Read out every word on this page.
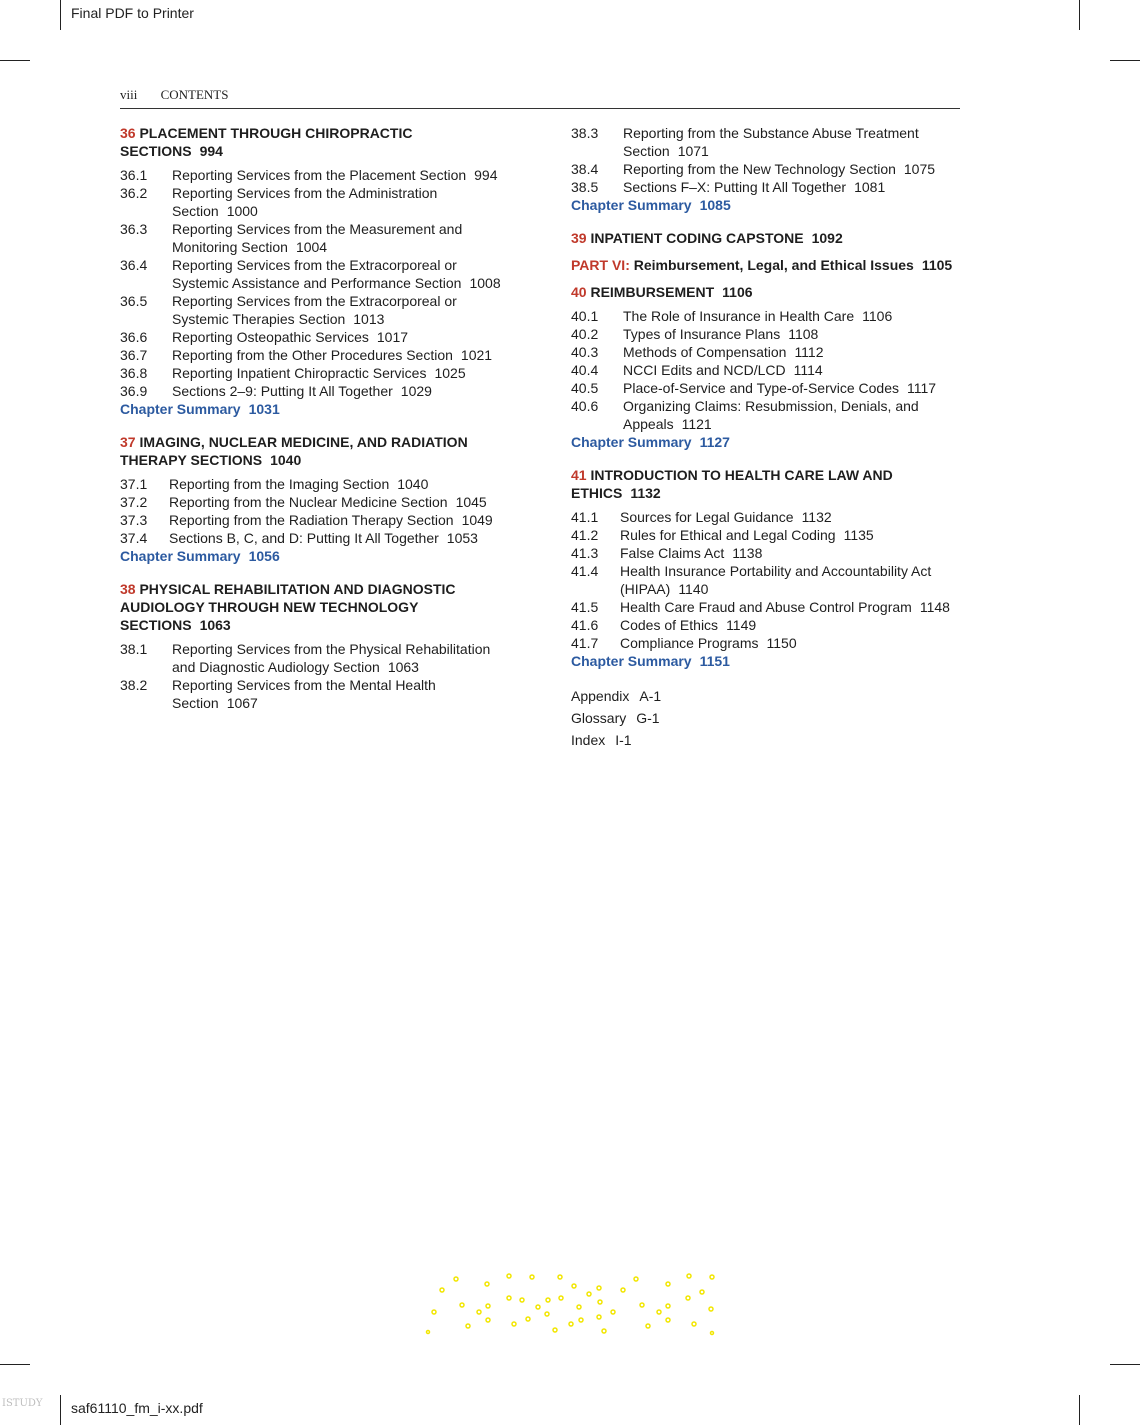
Final PDF to Printer
saf61110_fm_i-xx.pdf
ISTUDY
viii CONTENTS

36 PLACEMENT THROUGH CHIROPRACTIC SECTIONS 994

36.1	Reporting Services from the Placement Section 994
36.2	Reporting Services from the Administration Section 1000
36.3	Reporting Services from the Measurement and Monitoring Section 1004
36.4	Reporting Services from the Extracorporeal or Systemic Assistance and Performance Section 1008
36.5	Reporting Services from the Extracorporeal or Systemic Therapies Section 1013
36.6	Reporting Osteopathic Services 1017
36.7	Reporting from the Other Procedures Section 1021
36.8	Reporting Inpatient Chiropractic Services 1025
36.9	Sections 2–9: Putting It All Together 1029
Chapter Summary 1031

37 IMAGING, NUCLEAR MEDICINE, AND RADIATION THERAPY SECTIONS 1040

37.1	Reporting from the Imaging Section 1040
37.2	Reporting from the Nuclear Medicine Section 1045
37.3	Reporting from the Radiation Therapy Section 1049
37.4	Sections B, C, and D: Putting It All Together 1053
Chapter Summary 1056

38 PHYSICAL REHABILITATION AND DIAGNOSTIC AUDIOLOGY THROUGH NEW TECHNOLOGY SECTIONS 1063

38.1	Reporting Services from the Physical Rehabilitation and Diagnostic Audiology Section 1063
38.2	Reporting Services from the Mental Health Section 1067
38.3	Reporting from the Substance Abuse Treatment Section 1071
38.4	Reporting from the New Technology Section 1075
38.5	Sections F–X: Putting It All Together 1081
Chapter Summary 1085

39 INPATIENT CODING CAPSTONE 1092

PART VI: Reimbursement, Legal, and Ethical Issues 1105

40 REIMBURSEMENT 1106

40.1	The Role of Insurance in Health Care 1106
40.2	Types of Insurance Plans 1108
40.3	Methods of Compensation 1112
40.4	NCCI Edits and NCD/LCD 1114
40.5	Place-of-Service and Type-of-Service Codes 1117
40.6	Organizing Claims: Resubmission, Denials, and Appeals 1121
Chapter Summary 1127

41 INTRODUCTION TO HEALTH CARE LAW AND ETHICS 1132

41.1	Sources for Legal Guidance 1132
41.2	Rules for Ethical and Legal Coding 1135
41.3	False Claims Act 1138
41.4	Health Insurance Portability and Accountability Act (HIPAA) 1140
41.5	Health Care Fraud and Abuse Control Program 1148
41.6	Codes of Ethics 1149
41.7	Compliance Programs 1150
Chapter Summary 1151
Appendix A-1
Glossary G-1
Index I-1
